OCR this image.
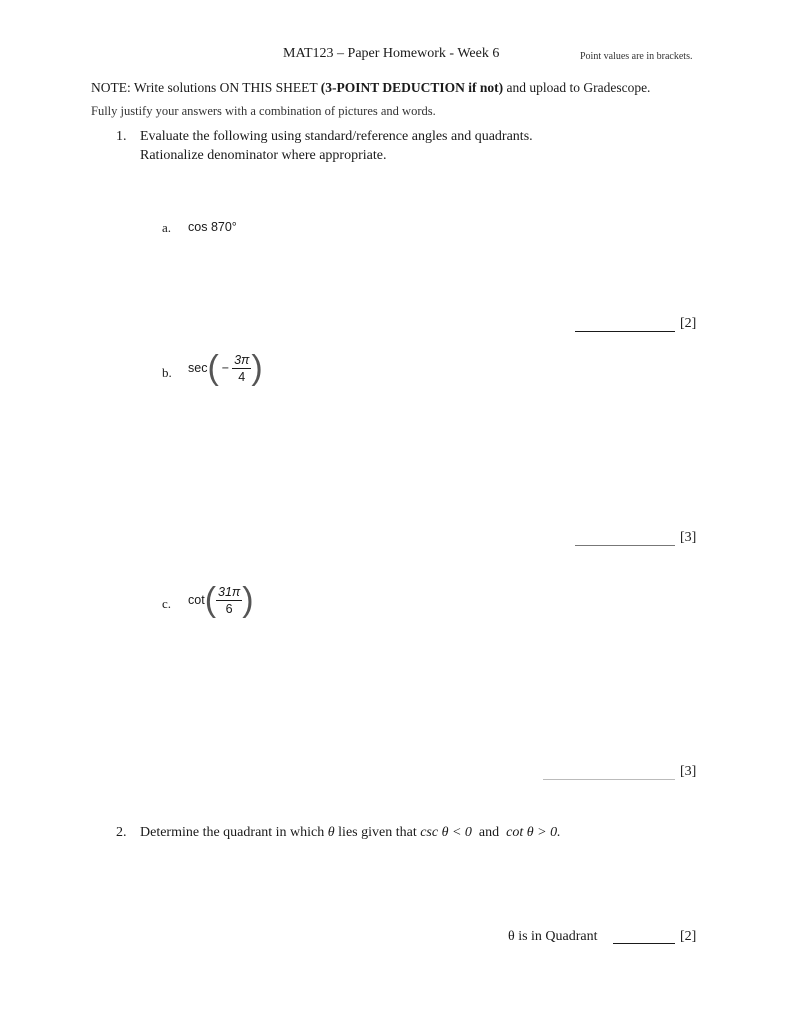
MAT123 – Paper Homework - Week 6	Point values are in brackets.
NOTE: Write solutions ON THIS SHEET (3-POINT DEDUCTION if not) and upload to Gradescope.
Fully justify your answers with a combination of pictures and words.
1. Evaluate the following using standard/reference angles and quadrants.
Rationalize denominator where appropriate.
a. cos 870°
[2]
b. $\sec( - \frac{3\pi}{4}$ )
[3]
c. $\cot( \frac{31\pi}{6}$ )
[3]
2. Determine the quadrant in which θ lies given that csc θ < 0 and cot θ > 0.
θ is in Quadrant	[2]
